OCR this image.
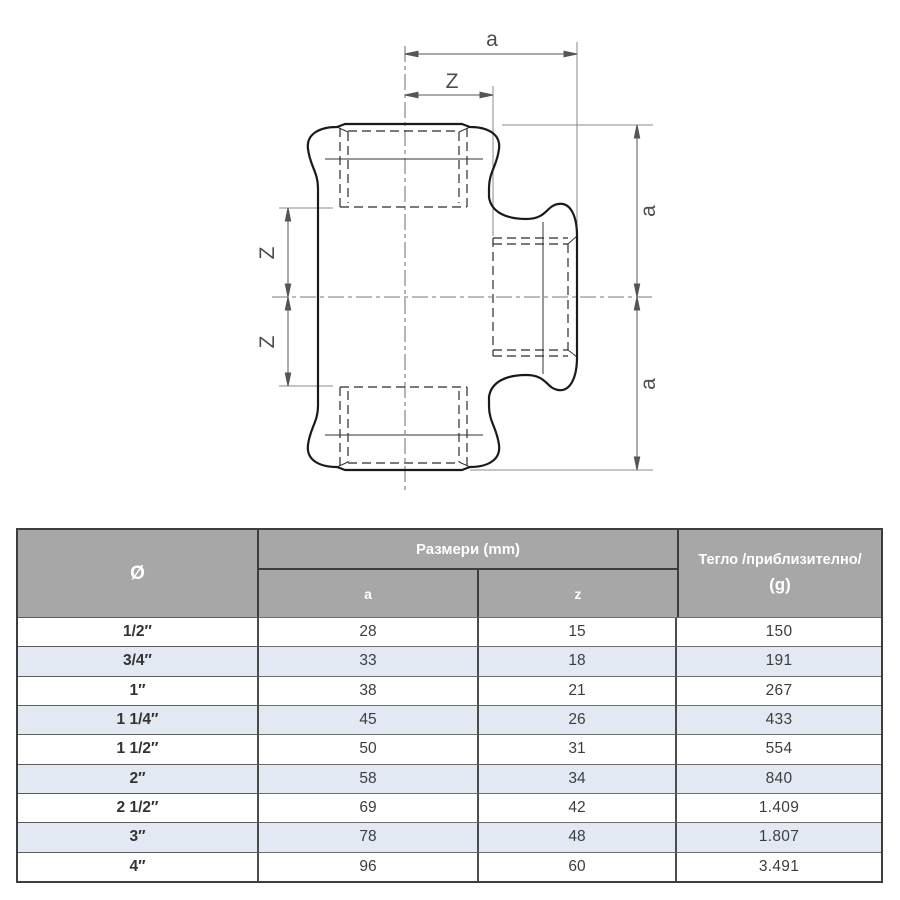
a
Z
Z
Z
a
a
Ø
Размери (mm)
a	z
Тегло /приблизително/
(g)
1/2″	28	15	150
3/4″	33	18	191
1″	38	21	267
1 1/4″	45	26	433
1 1/2″	50	31	554
2″	58	34	840
2 1/2″	69	42	1.409
3″	78	48	1.807
4″	96	60	3.491
